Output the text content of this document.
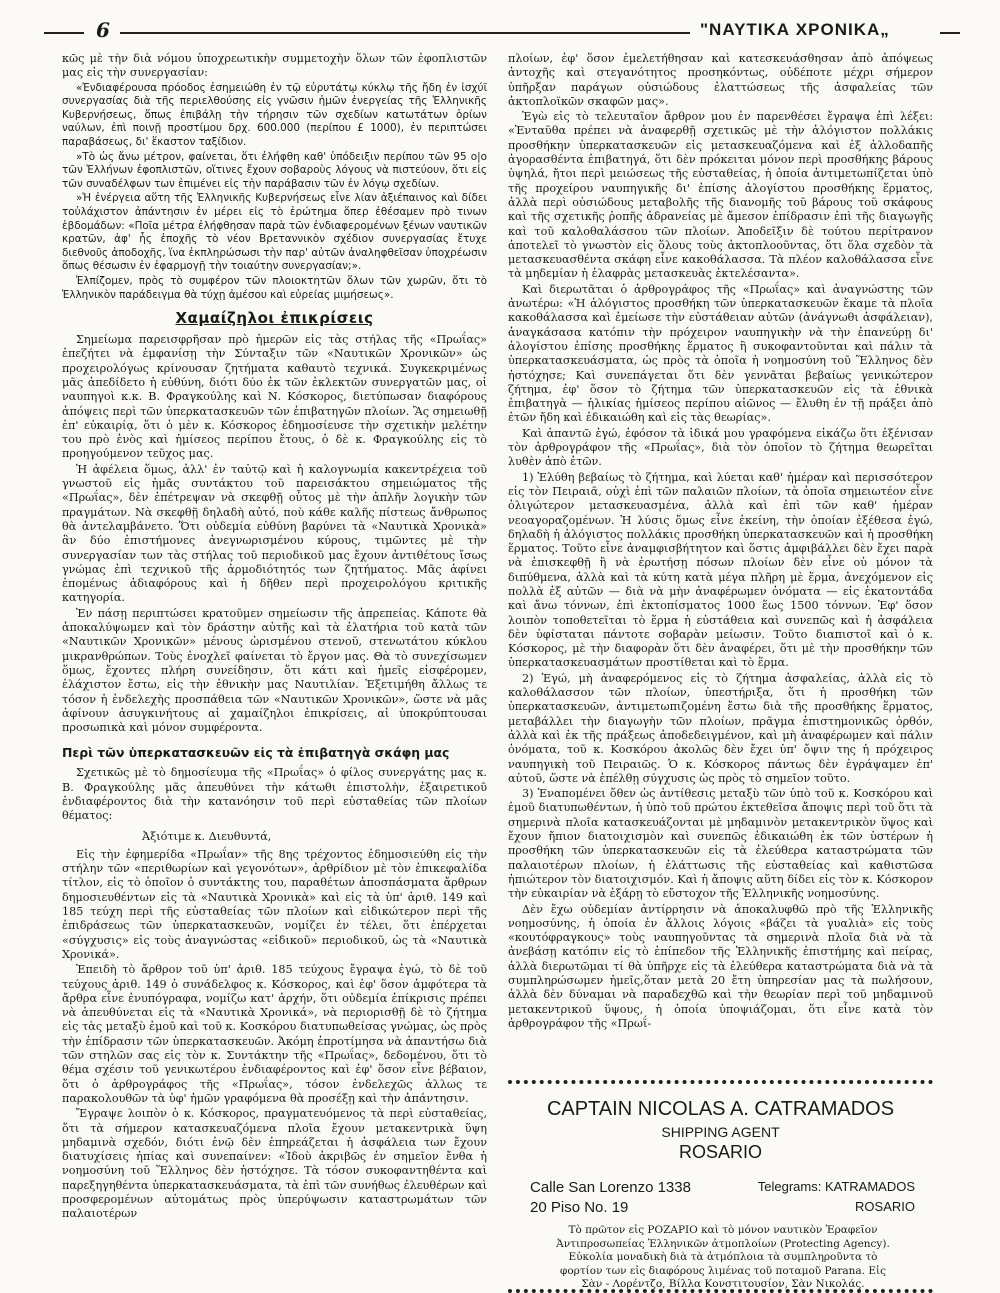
6	"ΝΑΥΤΙΚΑ ΧΡΟΝΙΚΑ„

κῶς μὲ τὴν διὰ νόμου ὑποχρεωτικὴν συμμετοχὴν ὅλων τῶν ἐφοπλιστῶν μας εἰς τὴν συνεργασίαν:

«Ἐνδιαφέρουσα πρόοδος ἐσημειώθη ἐν τῷ εὐρυτάτῳ κύκλῳ τῆς ἤδη ἐν ἰσχύϊ συνεργασίας διὰ τῆς περιελθούσης εἰς γνῶσιν ἡμῶν ἐνεργείας τῆς Ἑλληνικῆς Κυβερνήσεως, ὅπως ἐπιβάλῃ τὴν τήρησιν τῶν σχεδίων κατωτάτων ὁρίων ναύλων, ἐπὶ ποινῇ προστίμου δρχ. 600.000 (περίπου £ 1000), ἐν περιπτώσει παραβάσεως, δι' ἕκαστον ταξίδιον.

»Τὸ ὡς ἄνω μέτρον, φαίνεται, ὅτι ἐλήφθη καθ' ὑπόδειξιν περίπου τῶν 95 ο|ο τῶν Ἑλλήνων ἐφοπλιστῶν, οἵτινες ἔχουν σοβαροὺς λόγους νὰ πιστεύουν, ὅτι εἰς τῶν συναδέλφων των ἐπιμένει εἰς τὴν παράβασιν τῶν ἐν λόγῳ σχεδίων.

»Ἡ ἐνέργεια αὕτη τῆς Ἑλληνικῆς Κυβερνήσεως εἶνε λίαν ἀξιέπαινος καὶ δίδει τοὐλάχιστον ἀπάντησιν ἐν μέρει εἰς τὸ ἐρώτημα ὅπερ ἐθέσαμεν πρὸ τινων ἑβδομάδων: «Ποῖα μέτρα ἐλήφθησαν παρὰ τῶν ἐνδιαφερομένων ξένων ναυτικῶν κρατῶν, ἀφ' ἧς ἐποχῆς τὸ νέον Βρεταννικὸν σχέδιον συνεργασίας ἔτυχε διεθνοῦς ἀποδοχῆς, ἵνα ἐκπληρώσωσι τὴν παρ' αὐτῶν ἀναληφθεῖσαν ὑποχρέωσιν ὅπως θέσωσιν ἐν ἐφαρμογῇ τὴν τοιαύτην συνεργασίαν;».

Ἐλπίζομεν, πρὸς τὸ συμφέρον τῶν πλοιοκτητῶν ὅλων τῶν χωρῶν, ὅτι τὸ Ἑλληνικὸν παράδειγμα θὰ τύχῃ ἀμέσου καὶ εὐρείας μιμήσεως».

Χαμαίζηλοι ἐπικρίσεις

Σημείωμα παρεισφρῆσαν πρὸ ἡμερῶν εἰς τὰς στήλας τῆς «Πρωΐας» ἐπεζήτει νὰ ἐμφανίσῃ τὴν Σύνταξιν τῶν «Ναυτικῶν Χρονικῶν» ὡς προχειρολόγως κρίνουσαν ζητήματα καθαυτὸ τεχνικά. Συγκεκριμένως μᾶς ἀπεδίδετο ἡ εὐθύνη, διότι δύο ἐκ τῶν ἐκλεκτῶν συνεργατῶν μας, οἱ ναυπηγοὶ κ.κ. Β. Φραγκούλης καὶ Ν. Κόσκορος, διετύπωσαν διαφόρους ἀπόψεις περὶ τῶν ὑπερκατασκευῶν τῶν ἐπιβατηγῶν πλοίων. Ἂς σημειωθῇ ἐπ' εὐκαιρίᾳ, ὅτι ὁ μὲν κ. Κόσκορος ἐδημοσίευσε τὴν σχετικὴν μελέτην του πρὸ ἑνὸς καὶ ἡμίσεος περίπου ἔτους, ὁ δὲ κ. Φραγκούλης εἰς τὸ προηγούμενον τεῦχος μας.

Ἡ ἀφέλεια ὅμως, ἀλλ' ἐν ταὐτῷ καὶ ἡ καλογνωμία κακεντρέχεια τοῦ γνωστοῦ εἰς ἡμᾶς συντάκτου τοῦ παρεισάκτου σημειώματος τῆς «Πρωΐας», δὲν ἐπέτρεψαν νὰ σκεφθῇ οὗτος μὲ τὴν ἁπλῆν λογικὴν τῶν πραγμάτων. Νὰ σκεφθῇ δηλαδὴ αὐτό, ποὺ κάθε καλῆς πίστεως ἄνθρωπος θὰ ἀντελαμβάνετο. Ὅτι οὐδεμία εὐθύνη βαρύνει τὰ «Ναυτικὰ Χρονικὰ» ἂν δύο ἐπιστήμονες ἀνεγνωρισμένου κύρους, τιμῶντες μὲ τὴν συνεργασίαν των τὰς στήλας τοῦ περιοδικοῦ μας ἔχουν ἀντιθέτους ἴσως γνώμας ἐπὶ τεχνικοῦ τῆς ἁρμοδιότητός των ζητήματος. Μᾶς ἀφίνει ἐπομένως ἀδιαφόρους καὶ ἡ δῆθεν περὶ προχειρολόγου κριτικῆς κατηγορία.

Ἐν πάσῃ περιπτώσει κρατοῦμεν σημείωσιν τῆς ἀπρεπείας. Κάποτε θὰ ἀποκαλύψωμεν καὶ τὸν δράστην αὐτῆς καὶ τὰ ἐλατήρια τοῦ κατὰ τῶν «Ναυτικῶν Χρονικῶν» μένους ὡρισμένου στενοῦ, στενωτάτου κύκλου μικρανθρώπων. Τοὺς ἐνοχλεῖ φαίνεται τὸ ἔργον μας. Θὰ τὸ συνεχίσωμεν ὅμως, ἔχοντες πλήρη συνείδησιν, ὅτι κάτι καὶ ἡμεῖς εἰσφέρομεν, ἐλάχιστον ἔστω, εἰς τὴν ἐθνικὴν μας Ναυτιλίαν. Ἐξετιμήθη ἄλλως τε τόσον ἡ ἐνδελεχὴς προσπάθεια τῶν «Ναυτικῶν Χρονικῶν», ὥστε νὰ μᾶς ἀφίνουν ἀσυγκινήτους αἱ χαμαίζηλοι ἐπικρίσεις, αἱ ὑποκρύπτουσαι προσωπικὰ καὶ μόνον συμφέροντα.

Περὶ τῶν ὑπερκατασκευῶν εἰς τὰ ἐπιβατηγὰ σκάφη μας

Σχετικῶς μὲ τὸ δημοσίευμα τῆς «Πρωΐας» ὁ φίλος συνεργάτης μας κ. Β. Φραγκούλης μᾶς ἀπευθύνει τὴν κάτωθι ἐπιστολὴν, ἐξαιρετικοῦ ἐνδιαφέροντος διὰ τὴν κατανόησιν τοῦ περὶ εὐσταθείας τῶν πλοίων θέματος:

Ἀξιότιμε κ. Διευθυντά,

Εἰς τὴν ἐφημερίδα «Πρωΐαν» τῆς 8ης τρέχοντος ἐδημοσιεύθη εἰς τὴν στήλην τῶν «περιθωρίων καὶ γεγονότων», ἀρθρίδιον μὲ τὸν ἐπικεφαλίδα τίτλον, εἰς τὸ ὁποῖον ὁ συντάκτης του, παραθέτων ἀποσπάσματα ἄρθρων δημοσιευθέντων εἰς τὰ «Ναυτικὰ Χρονικὰ» καὶ εἰς τὰ ὑπ' ἀριθ. 149 καὶ 185 τεύχη περὶ τῆς εὐσταθείας τῶν πλοίων καὶ εἰδικώτερον περὶ τῆς ἐπιδράσεως τῶν ὑπερκατασκευῶν, νομίζει ἐν τέλει, ὅτι ἐπέρχεται «σύγχυσις» εἰς τοὺς ἀναγνώστας «εἰδικοῦ» περιοδικοῦ, ὡς τὰ «Ναυτικὰ Χρονικά».

Ἐπειδὴ τὸ ἄρθρον τοῦ ὑπ' ἀριθ. 185 τεύχους ἔγραψα ἐγώ, τὸ δὲ τοῦ τεύχους ἀριθ. 149 ὁ συνάδελφος κ. Κόσκορος, καὶ ἐφ' ὅσον ἀμφότερα τὰ ἄρθρα εἶνε ἐνυπόγραφα, νομίζω κατ' ἀρχήν, ὅτι οὐδεμία ἐπίκρισις πρέπει νὰ ἀπευθύνεται εἰς τὰ «Ναυτικὰ Χρονικά», νὰ περιορισθῇ δὲ τὸ ζήτημα εἰς τὰς μεταξὺ ἐμοῦ καὶ τοῦ κ. Κοσκόρου διατυπωθείσας γνώμας, ὡς πρὸς τὴν ἐπίδρασιν τῶν ὑπερκατασκευῶν. Ἀκόμη ἐπροτίμησα νὰ ἀπαντήσω διὰ τῶν στηλῶν σας εἰς τὸν κ. Συντάκτην τῆς «Πρωΐας», δεδομένου, ὅτι τὸ θέμα σχέσιν τοῦ γενικωτέρου ἐνδιαφέροντος καὶ ἐφ' ὅσον εἶνε βέβαιον, ὅτι ὁ ἀρθρογράφος τῆς «Πρωΐας», τόσον ἐνδελεχῶς ἀλλως τε παρακολουθῶν τὰ ὑφ' ἡμῶν γραφόμενα θὰ προσέξῃ καὶ τὴν ἀπάντησιν.

Ἔγραψε λοιπὸν ὁ κ. Κόσκορος, πραγματευόμενος τὰ περὶ εὐσταθείας, ὅτι τὰ σήμερον κατασκευαζόμενα πλοῖα ἔχουν μετακεντρικὰ ὕψη μηδαμινὰ σχεδόν, διότι ἐνῷ δὲν ἐπηρεάζεται ἡ ἀσφάλεια των ἔχουν διατυχίσεις ἠπίας καὶ συνεπαίνεν: «Ἰδοὺ ἀκριβῶς ἐν σημεῖον ἔνθα ἡ νοημοσύνη τοῦ Ἕλληνος δὲν ἡστόχησε. Τὰ τόσον συκοφαντηθέντα καὶ παρεξηγηθέντα ὑπερκατασκευάσματα, τὰ ἐπὶ τῶν συνήθως ἐλευθέρων καὶ προσφερομένων αὐτομάτως πρὸς ὑπερύψωσιν καταστρωμάτων τῶν παλαιοτέρων

πλοίων, ἐφ' ὅσον ἐμελετήθησαν καὶ κατεσκευάσθησαν ἀπὸ ἀπόψεως ἀντοχῆς καὶ στεγανότητος προσηκόντως, οὐδέποτε μέχρι σήμερον ὑπῆρξαν παράγων οὐσιώδους ἐλαττώσεως τῆς ἀσφαλείας τῶν ἀκτοπλοϊκῶν σκαφῶν μας».

Ἐγὼ εἰς τὸ τελευταῖον ἄρθρον μου ἐν παρενθέσει ἔγραψα ἐπὶ λέξει: «Ἐνταῦθα πρέπει νὰ ἀναφερθῇ σχετικῶς μὲ τὴν ἀλόγιστον πολλάκις προσθήκην ὑπερκατασκευῶν εἰς μετασκευαζόμενα καὶ ἐξ ἀλλοδαπῆς ἀγορασθέντα ἐπιβατηγά, ὅτι δὲν πρόκειται μόνον περὶ προσθήκης βάρους ὑψηλά, ἤτοι περὶ μειώσεως τῆς εὐσταθείας, ἡ ὁποία ἀντιμετωπίζεται ὑπὸ τῆς προχείρου ναυπηγικῆς δι' ἐπίσης ἀλογίστου προσθήκης ἕρματος, ἀλλὰ περὶ οὐσιώδους μεταβολῆς τῆς διανομῆς τοῦ βάρους τοῦ σκάφους καὶ τῆς σχετικῆς ῥοπῆς ἀδρανείας μὲ ἄμεσον ἐπίδρασιν ἐπὶ τῆς διαγωγῆς καὶ τοῦ καλοθαλάσσου τῶν πλοίων. Ἀποδεῖξιν δὲ τούτου περίτρανον ἀποτελεῖ τὸ γνωστὸν εἰς ὅλους τοὺς ἀκτοπλοοῦντας, ὅτι ὅλα σχεδὸν τὰ μετασκευασθέντα σκάφη εἶνε κακοθάλασσα. Τὰ πλέον καλοθάλασσα εἶνε τὰ μηδεμίαν ἡ ἐλαφρὰς μετασκευὰς ἐκτελέσαντα».

Καὶ διερωτᾶται ὁ ἀρθρογράφος τῆς «Πρωΐας» καὶ ἀναγνώστης τῶν ἀνωτέρω: «Ἡ ἀλόγιστος προσθήκη τῶν ὑπερκατασκευῶν ἔκαμε τὰ πλοῖα κακοθάλασσα καὶ ἐμείωσε τὴν εὐστάθειαν αὐτῶν (ἀνάγνωθι ἀσφάλειαν), ἀναγκάσασα κατόπιν τὴν πρόχειρον ναυπηγικὴν νὰ τὴν ἐπανεύρῃ δι' ἀλογίστου ἐπίσης προσθήκης ἕρματος ἢ συκοφαντοῦνται καὶ πάλιν τὰ ὑπερκατασκευάσματα, ὡς πρὸς τὰ ὁποῖα ἡ νοημοσύνη τοῦ Ἕλληνος δὲν ἠστόχησε; Καὶ συνεπάγεται ὅτι δὲν γεννᾶται βεβαίως γενικώτερον ζήτημα, ἐφ' ὅσον τὸ ζήτημα τῶν ὑπερκατασκευῶν εἰς τὰ ἐθνικὰ ἐπιβατηγὰ — ἡλικίας ἡμίσεος περίπου αἰῶνος — ἔλυθη ἐν τῇ πράξει ἀπὸ ἐτῶν ἤδη καὶ ἐδικαιώθη καὶ εἰς τὰς θεωρίας».

Καὶ ἀπαντῶ ἐγώ, ἐφόσον τὰ ἰδικά μου γραφόμενα εἰκάζω ὅτι ἐξένισαν τὸν ἀρθρογράφον τῆς «Πρωΐας», διὰ τὸν ὁποῖον τὸ ζήτημα θεωρεῖται λυθὲν ἀπὸ ἐτῶν.

1) Ἐλύθη βεβαίως τὸ ζήτημα, καὶ λύεται καθ' ἡμέραν καὶ περισσότερον εἰς τὸν Πειραιᾶ, οὐχὶ ἐπὶ τῶν παλαιῶν πλοίων, τὰ ὁποῖα σημειωτέον εἶνε ὀλιγώτερον μετασκευασμένα, ἀλλὰ καὶ ἐπὶ τῶν καθ' ἡμέραν νεοαγοραζομένων. Ἡ λύσις ὅμως εἶνε ἐκείνη, τὴν ὁποίαν ἐξέθεσα ἐγώ, δηλαδὴ ἡ ἀλόγιστος πολλάκις προσθήκη ὑπερκατασκευῶν καὶ ἡ προσθήκη ἕρματος. Τοῦτο εἶνε ἀναμφισβήτητον καὶ ὅστις ἀμφιβάλλει δὲν ἔχει παρὰ νὰ ἐπισκεφθῇ ἢ νὰ ἐρωτήσῃ πόσων πλοίων δὲν εἶνε οὐ μόνον τὰ διπύθμενα, ἀλλὰ καὶ τὰ κύτη κατὰ μέγα πλῆρη μὲ ἕρμα, ἀνεχόμενον εἰς πολλὰ ἐξ αὐτῶν — διὰ νὰ μὴν ἀναφέρωμεν ὀνόματα — εἰς ἑκατοντάδα καὶ ἄνω τόννων, ἐπὶ ἐκτοπίσματος 1000 ἕως 1500 τόννων. Ἐφ' ὅσον λοιπὸν τοποθετεῖται τὸ ἕρμα ἡ εὐστάθεια καὶ συνεπῶς καὶ ἡ ἀσφάλεια δὲν ὑφίσταται πάντοτε σοβαρὰν μείωσιν. Τοῦτο διαπιστοῖ καὶ ὁ κ. Κόσκορος, μὲ τὴν διαφορὰν ὅτι δὲν ἀναφέρει, ὅτι μὲ τὴν προσθήκην τῶν ὑπερκατασκευασμάτων προστίθεται καὶ τὸ ἕρμα.

2) Ἐγώ, μὴ ἀναφερόμενος εἰς τὸ ζήτημα ἀσφαλείας, ἀλλὰ εἰς τὸ καλοθάλασσον τῶν πλοίων, ὑπεστήριξα, ὅτι ἡ προσθήκη τῶν ὑπερκατασκευῶν, ἀντιμετωπιζομένη ἔστω διὰ τῆς προσθήκης ἕρματος, μεταβάλλει τὴν διαγωγὴν τῶν πλοίων, πρᾶγμα ἐπιστημονικῶς ὀρθόν, ἀλλὰ καὶ ἐκ τῆς πράξεως ἀποδεδειγμένον, καὶ μὴ ἀναφέρωμεν καὶ πάλιν ὀνόματα, τοῦ κ. Κοσκόρου ἀκολῶς δὲν ἔχει ὑπ' ὄψιν της ἡ πρόχειρος ναυπηγικὴ τοῦ Πειραιῶς. Ὁ κ. Κόσκορος πάντως δὲν ἐγράψαμεν ἐπ' αὐτοῦ, ὥστε νὰ ἐπέλθῃ σύγχυσις ὡς πρὸς τὸ σημεῖον τοῦτο.

3) Ἐναπομένει ὅθεν ὡς ἀντίθεσις μεταξὺ τῶν ὑπὸ τοῦ κ. Κοσκόρου καὶ ἐμοῦ διατυπωθέντων, ἡ ὑπὸ τοῦ πρώτου ἐκτεθεῖσα ἄποψις περὶ τοῦ ὅτι τὰ σημερινὰ πλοῖα κατασκευάζονται μὲ μηδαμινὸν μετακεντρικὸν ὕψος καὶ ἔχουν ἤπιον διατοιχισμὸν καὶ συνεπῶς ἐδικαιώθη ἐκ τῶν ὑστέρων ἡ προσθήκη τῶν ὑπερκατασκευῶν εἰς τὰ ἐλεύθερα καταστρώματα τῶν παλαιοτέρων πλοίων, ἡ ἐλάττωσις τῆς εὐσταθείας καὶ καθιστῶσα ἠπιώτερον τὸν διατοιχισμόν. Καὶ ἡ ἄποψις αὕτη δίδει εἰς τὸν κ. Κόσκορον τὴν εὐκαιρίαν νὰ ἐξάρῃ τὸ εὔστοχον τῆς Ἑλληνικῆς νοημοσύνης.

Δὲν ἔχω οὐδεμίαν ἀντίρρησιν νὰ ἀποκαλυφθῶ πρὸ τῆς Ἑλληνικῆς νοημοσύνης, ἡ ὁποία ἐν ἄλλοις λόγοις «βάζει τὰ γυαλιὰ» εἰς τοὺς «κουτόφραγκους» τοὺς ναυπηγοῦντας τὰ σημερινὰ πλοῖα διὰ νὰ τὰ ἀνεβάσῃ κατόπιν εἰς τὸ ἐπίπεδον τῆς Ἑλληνικῆς ἐπιστήμης καὶ πείρας, ἀλλὰ διερωτῶμαι τί θὰ ὑπῆρχε εἰς τὰ ἐλεύθερα καταστρώματα διὰ νὰ τὰ συμπληρώσωμεν ἡμεῖς,ὅταν μετὰ 20 ἔτη ὑπηρεσίαν μας τὰ πωλήσουν, ἀλλὰ δὲν δύναμαι νὰ παραδεχθῶ καὶ τὴν θεωρίαν περὶ τοῦ μηδαμινοῦ μετακεντρικοῦ ὕψους, ἡ ὁποία ὑποψιάζομαι, ὅτι εἶνε κατὰ τὸν ἀρθρογράφον τῆς «Πρωΐ-

CAPTAIN NICOLAS A. CATRAMADOS
SHIPPING AGENT
ROSARIO
Calle San Lorenzo 1338
20 Piso No. 19
Telegrams: KATRAMADOS
ROSARIO
Τὸ πρῶτον εἰς ΡΟΖΑΡΙΟ καὶ τὸ μόνον ναυτικὸν Ἐραφεῖον Ἀντιπροσωπείας Ἑλληνικῶν ἀτμοπλοίων (Protecting Agency). Εὐκολία μοναδικὴ διὰ τὰ ἀτμόπλοια τὰ συμπληροῦντα τὸ φορτίον των εἰς διαφόρους λιμένας τοῦ ποταμοῦ Parana. Εἰς Σὰν - Λορέντζο, Βίλλα Κονστιτουσίον, Σὰν Νικολάς.
